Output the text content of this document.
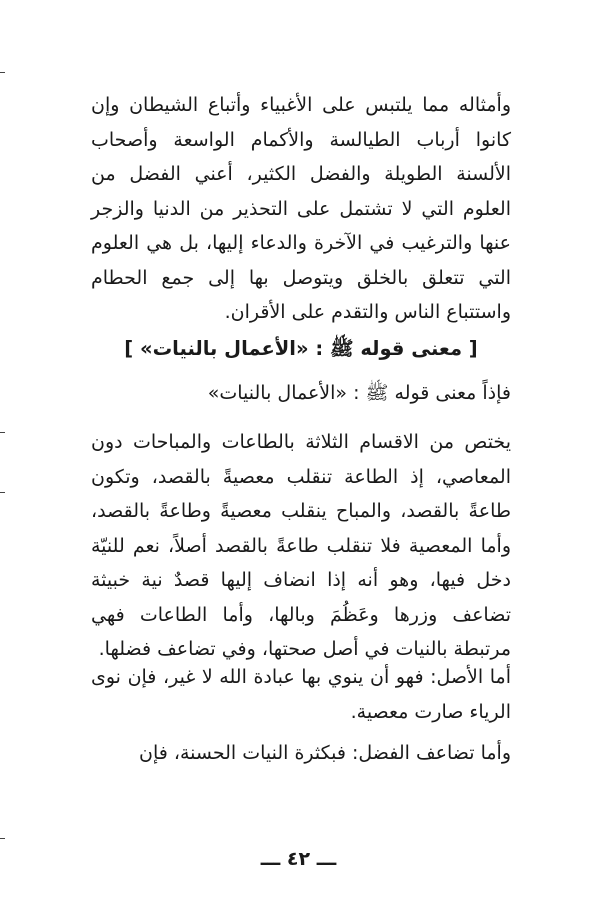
وأمثاله مما يلتبس على الأغبياء وأتباع الشيطان وإن كانوا أرباب الطيالسة والأكمام الواسعة وأصحاب الألسنة الطويلة والفضل الكثير، أعني الفضل من العلوم التي لا تشتمل على التحذير من الدنيا والزجر عنها والترغيب في الآخرة والدعاء إليها، بل هي العلوم التي تتعلق بالخلق ويتوصل بها إلى جمع الحطام واستتباع الناس والتقدم على الأقران.

[ معنى قوله ﷺ : «الأعمال بالنيات» ]

فإذاً معنى قوله ﷺ : «الأعمال بالنيات»

يختص من الاقسام الثلاثة بالطاعات والمباحات دون المعاصي، إذ الطاعة تنقلب معصيةً بالقصد، وتكون طاعةً بالقصد، والمباح ينقلب معصيةً وطاعةً بالقصد، وأما المعصية فلا تنقلب طاعةً بالقصد أصلاً، نعم للنيّة دخل فيها، وهو أنه إذا انضاف إليها قصدٌ نية خبيثة تضاعف وزرها وعَظُمَ وبالها، وأما الطاعات فهي مرتبطة بالنيات في أصل صحتها، وفي تضاعف فضلها.

أما الأصل: فهو أن ينوي بها عبادة الله لا غير، فإن نوى الرياء صارت معصية.

وأما تضاعف الفضل: فبكثرة النيات الحسنة، فإن

ـــ ٤٢ ـــ
